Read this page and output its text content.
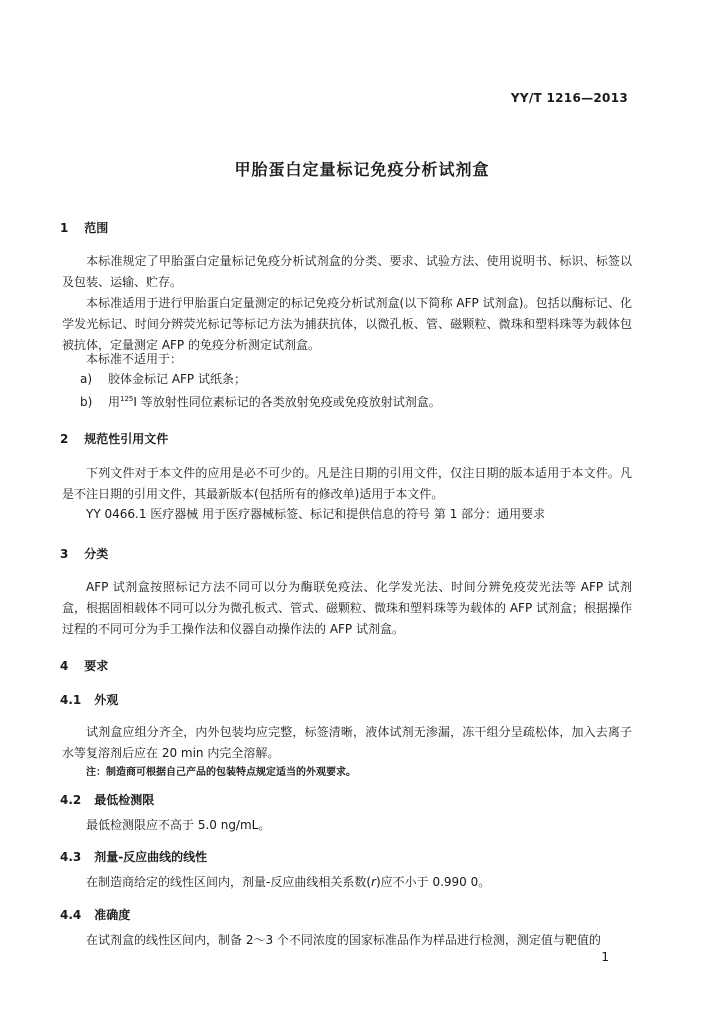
YY/T 1216—2013
甲胎蛋白定量标记免疫分析试剂盒
1 范围
本标准规定了甲胎蛋白定量标记免疫分析试剂盒的分类、要求、试验方法、使用说明书、标识、标签以及包装、运输、贮存。
本标准适用于进行甲胎蛋白定量测定的标记免疫分析试剂盒(以下简称 AFP 试剂盒)。包括以酶标记、化学发光标记、时间分辨荧光标记等标记方法为捕获抗体，以微孔板、管、磁颗粒、微珠和塑料珠等为载体包被抗体，定量测定 AFP 的免疫分析测定试剂盒。
本标准不适用于：
a) 胶体金标记 AFP 试纸条；
b) 用$^{125}$I 等放射性同位素标记的各类放射免疫或免疫放射试剂盒。
2 规范性引用文件
下列文件对于本文件的应用是必不可少的。凡是注日期的引用文件，仅注日期的版本适用于本文件。凡是不注日期的引用文件，其最新版本(包括所有的修改单)适用于本文件。
YY 0466.1 医疗器械 用于医疗器械标签、标记和提供信息的符号 第 1 部分：通用要求
3 分类
AFP 试剂盒按照标记方法不同可以分为酶联免疫法、化学发光法、时间分辨免疫荧光法等 AFP 试剂盒，根据固相载体不同可以分为微孔板式、管式、磁颗粒、微珠和塑料珠等为载体的 AFP 试剂盒；根据操作过程的不同可分为手工操作法和仪器自动操作法的 AFP 试剂盒。
4 要求
4.1 外观
试剂盒应组分齐全，内外包装均应完整，标签清晰，液体试剂无渗漏，冻干组分呈疏松体，加入去离子水等复溶剂后应在 20 min 内完全溶解。
注：制造商可根据自己产品的包装特点规定适当的外观要求。
4.2 最低检测限
最低检测限应不高于 5.0 ng/mL。
4.3 剂量-反应曲线的线性
在制造商给定的线性区间内，剂量-反应曲线相关系数(r)应不小于 0.990 0。
4.4 准确度
在试剂盒的线性区间内，制备 2～3 个不同浓度的国家标准品作为样品进行检测，测定值与靶值的
1
